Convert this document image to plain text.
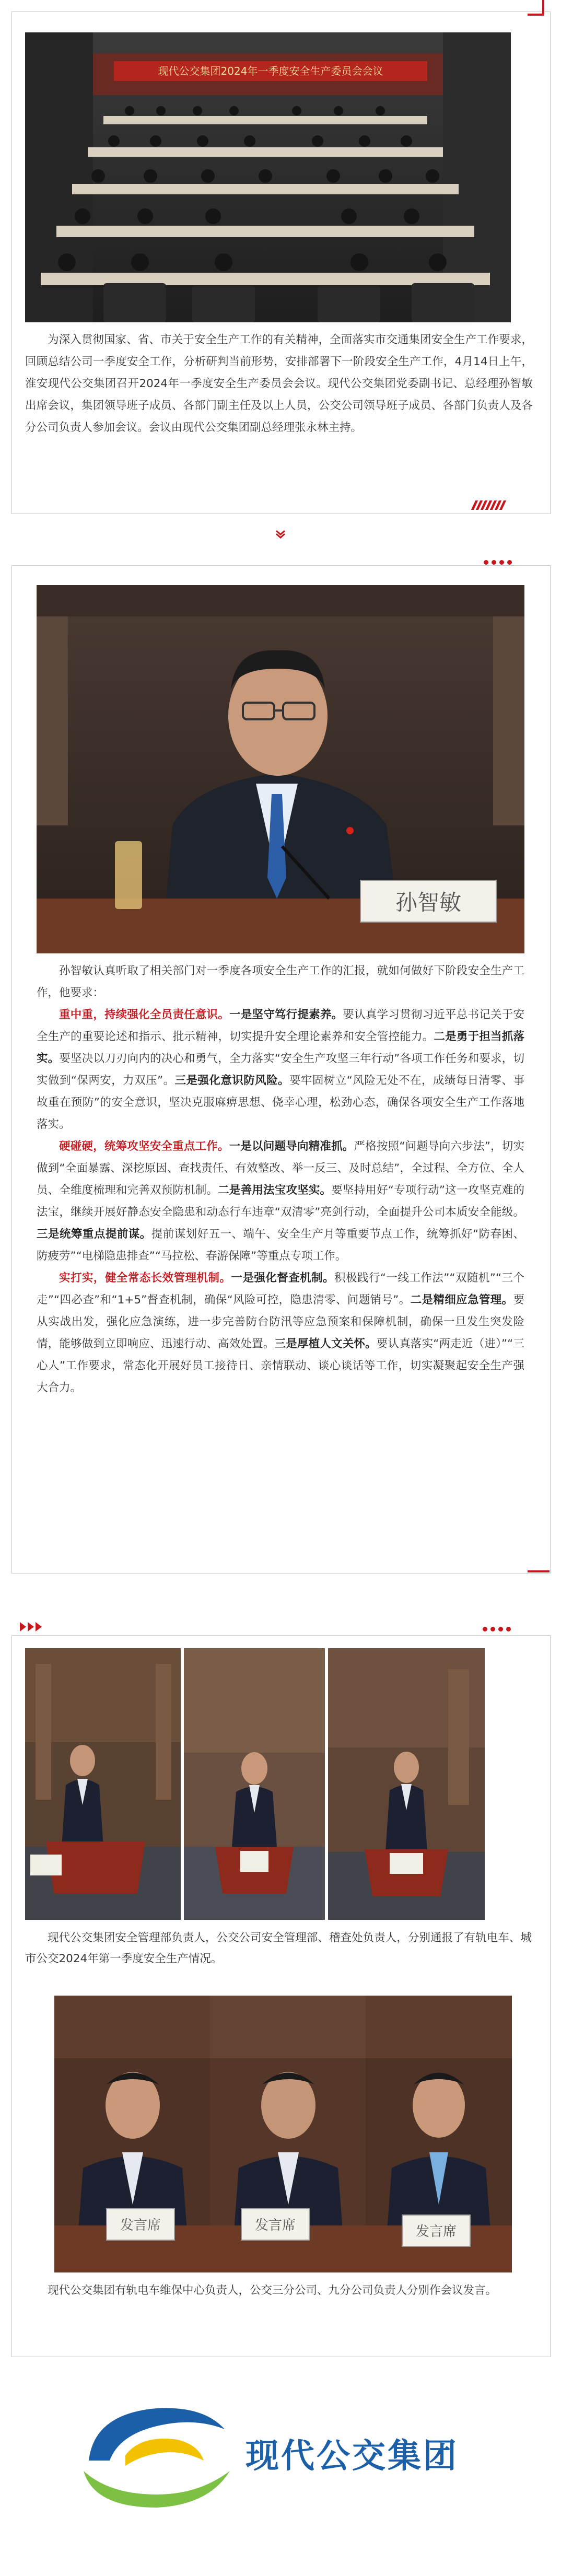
现代公交集团2024年一季度安全生产委员会会议

为深入贯彻国家、省、市关于安全生产工作的有关精神，全面落实市交通集团安全生产工作要求，回顾总结公司一季度安全工作，分析研判当前形势，安排部署下一阶段安全生产工作，4月14日上午，淮安现代公交集团召开2024年一季度安全生产委员会会议。现代公交集团党委副书记、总经理孙智敏出席会议，集团领导班子成员、各部门副主任及以上人员，公交公司领导班子成员、各部门负责人及各分公司负责人参加会议。会议由现代公交集团副总经理张永林主持。

孙智敏

孙智敏认真听取了相关部门对一季度各项安全生产工作的汇报，就如何做好下阶段安全生产工作，他要求：

重中重，持续强化全员责任意识。一是坚守笃行提素养。要认真学习贯彻习近平总书记关于安全生产的重要论述和指示、批示精神，切实提升安全理论素养和安全管控能力。二是勇于担当抓落实。要坚决以刀刃向内的决心和勇气，全力落实“安全生产攻坚三年行动”各项工作任务和要求，切实做到“保两安，力双压”。三是强化意识防风险。要牢固树立“风险无处不在，成绩每日清零、事故重在预防”的安全意识，坚决克服麻痹思想、侥幸心理，松劲心态，确保各项安全生产工作落地落实。

硬碰硬，统筹攻坚安全重点工作。一是以问题导向精准抓。严格按照“问题导向六步法”，切实做到“全面暴露、深挖原因、查找责任、有效整改、举一反三、及时总结”，全过程、全方位、全人员、全维度梳理和完善双预防机制。二是善用法宝攻坚实。要坚持用好“专项行动”这一攻坚克难的法宝，继续开展好静态安全隐患和动态行车违章“双清零”亮剑行动，全面提升公司本质安全能级。三是统筹重点提前谋。提前谋划好五一、端午、安全生产月等重要节点工作，统筹抓好“防春困、防疲劳”“电梯隐患排查”“马拉松、春游保障”等重点专项工作。

实打实，健全常态长效管理机制。一是强化督查机制。积极践行“一线工作法”“双随机”“三个走”“四必查”和“1+5”督查机制，确保“风险可控，隐患清零、问题销号”。二是精细应急管理。要从实战出发，强化应急演练，进一步完善防台防汛等应急预案和保障机制，确保一旦发生突发险情，能够做到立即响应、迅速行动、高效处置。三是厚植人文关怀。要认真落实“两走近（进）”“三心人”工作要求，常态化开展好员工接待日、亲情联动、谈心谈话等工作，切实凝聚起安全生产强大合力。

现代公交集团安全管理部负责人，公交公司安全管理部、稽查处负责人，分别通报了有轨电车、城市公交2024年第一季度安全生产情况。
发言席	发言席	发言席
现代公交集团有轨电车维保中心负责人，公交三分公司、九分公司负责人分别作会议发言。
现代公交集团
